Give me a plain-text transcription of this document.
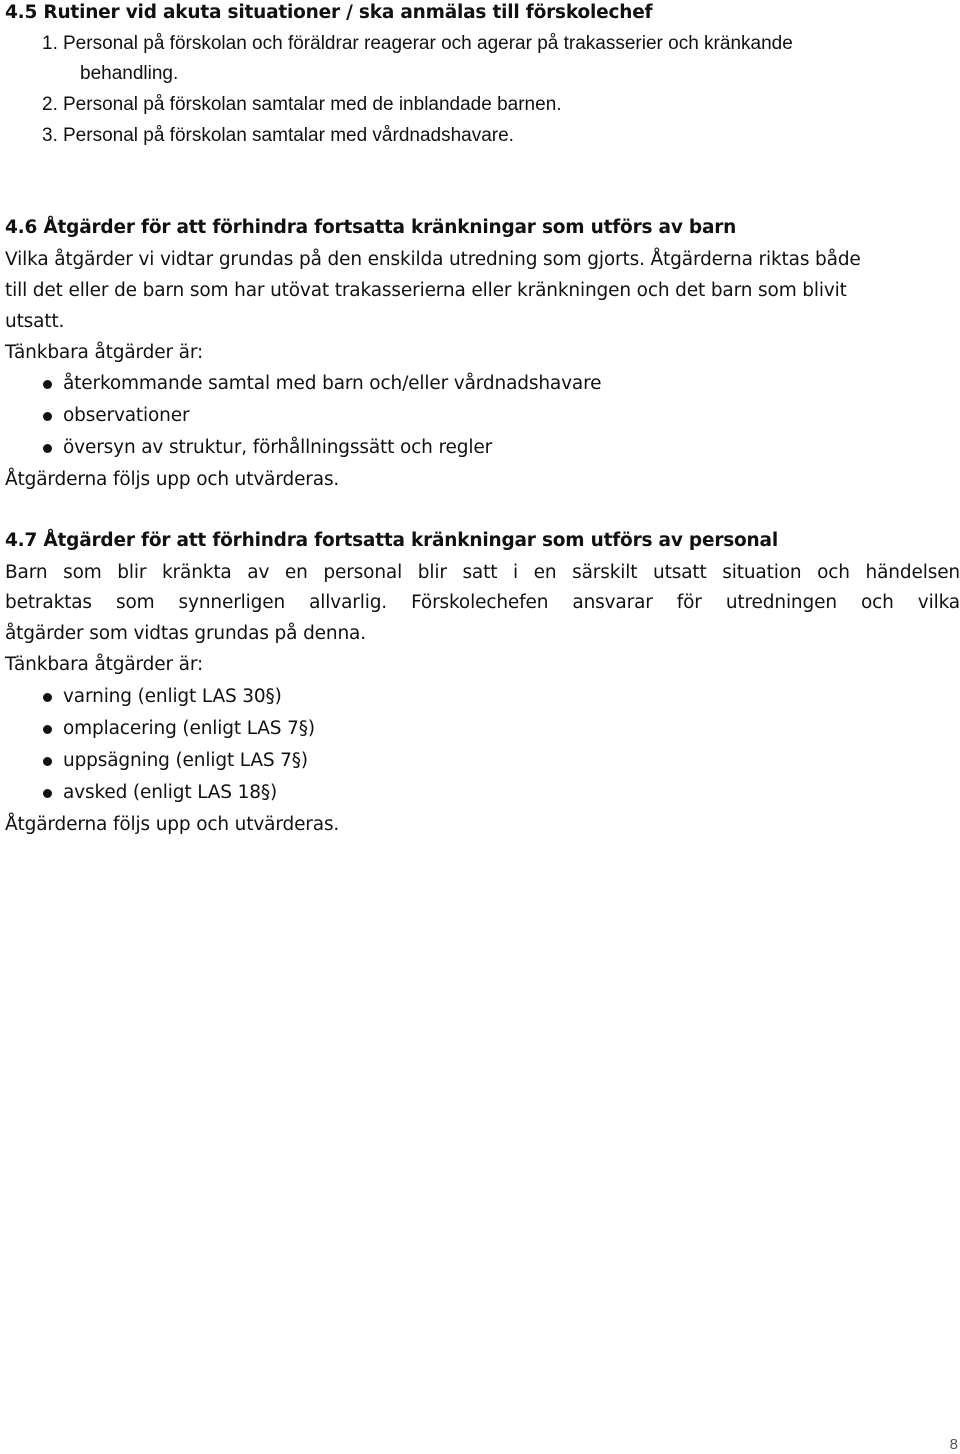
4.5 Rutiner vid akuta situationer / ska anmälas till förskolechef
1. Personal på förskolan och föräldrar reagerar och agerar på trakasserier och kränkande
behandling.
2. Personal på förskolan samtalar med de inblandade barnen.
3. Personal på förskolan samtalar med vårdnadshavare.
4.6 Åtgärder för att förhindra fortsatta kränkningar som utförs av barn
Vilka åtgärder vi vidtar grundas på den enskilda utredning som gjorts. Åtgärderna riktas både
till det eller de barn som har utövat trakasserierna eller kränkningen och det barn som blivit
utsatt.
Tänkbara åtgärder är:
återkommande samtal med barn och/eller vårdnadshavare
observationer
översyn av struktur, förhållningssätt och regler
Åtgärderna följs upp och utvärderas.
4.7 Åtgärder för att förhindra fortsatta kränkningar som utförs av personal
Barn som blir kränkta av en personal blir satt i en särskilt utsatt situation och händelsen
betraktas som synnerligen allvarlig. Förskolechefen ansvarar för utredningen och vilka
åtgärder som vidtas grundas på denna.
Tänkbara åtgärder är:
varning (enligt LAS 30§)
omplacering (enligt LAS 7§)
uppsägning (enligt LAS 7§)
avsked (enligt LAS 18§)
Åtgärderna följs upp och utvärderas.
8
